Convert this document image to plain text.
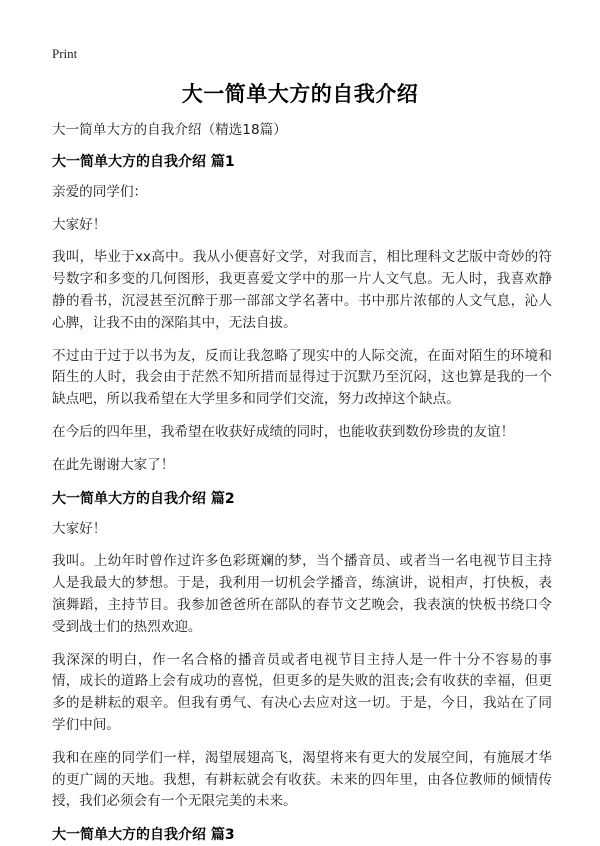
Print
大一简单大方的自我介绍

大一简单大方的自我介绍（精选18篇）

大一简单大方的自我介绍 篇1

亲爱的同学们：

大家好！

我叫，毕业于xx高中。我从小便喜好文学，对我而言，相比理科文艺版中奇妙的符号数字和多变的几何图形，我更喜爱文学中的那一片人文气息。无人时，我喜欢静静的看书，沉浸甚至沉醉于那一部部文学名著中。书中那片浓郁的人文气息，沁人心脾，让我不由的深陷其中，无法自拔。

不过由于过于以书为友，反而让我忽略了现实中的人际交流，在面对陌生的环境和陌生的人时，我会由于茫然不知所措而显得过于沉默乃至沉闷，这也算是我的一个缺点吧，所以我希望在大学里多和同学们交流，努力改掉这个缺点。

在今后的四年里，我希望在收获好成绩的同时，也能收获到数份珍贵的友谊！

在此先谢谢大家了！

大一简单大方的自我介绍 篇2

大家好！

我叫。上幼年时曾作过许多色彩斑斓的梦，当个播音员、或者当一名电视节目主持人是我最大的梦想。于是，我利用一切机会学播音，练演讲，说相声，打快板，表演舞蹈，主持节目。我参加爸爸所在部队的春节文艺晚会，我表演的快板书绕口令受到战士们的热烈欢迎。

我深深的明白，作一名合格的播音员或者电视节目主持人是一件十分不容易的事情，成长的道路上会有成功的喜悦，但更多的是失败的沮丧;会有收获的幸福，但更多的是耕耘的艰辛。但我有勇气、有决心去应对这一切。于是，今日，我站在了同学们中间。

我和在座的同学们一样，渴望展翅高飞，渴望将来有更大的发展空间，有施展才华的更广阔的天地。我想，有耕耘就会有收获。未来的四年里，由各位教师的倾情传授，我们必须会有一个无限完美的未来。

大一简单大方的自我介绍 篇3
